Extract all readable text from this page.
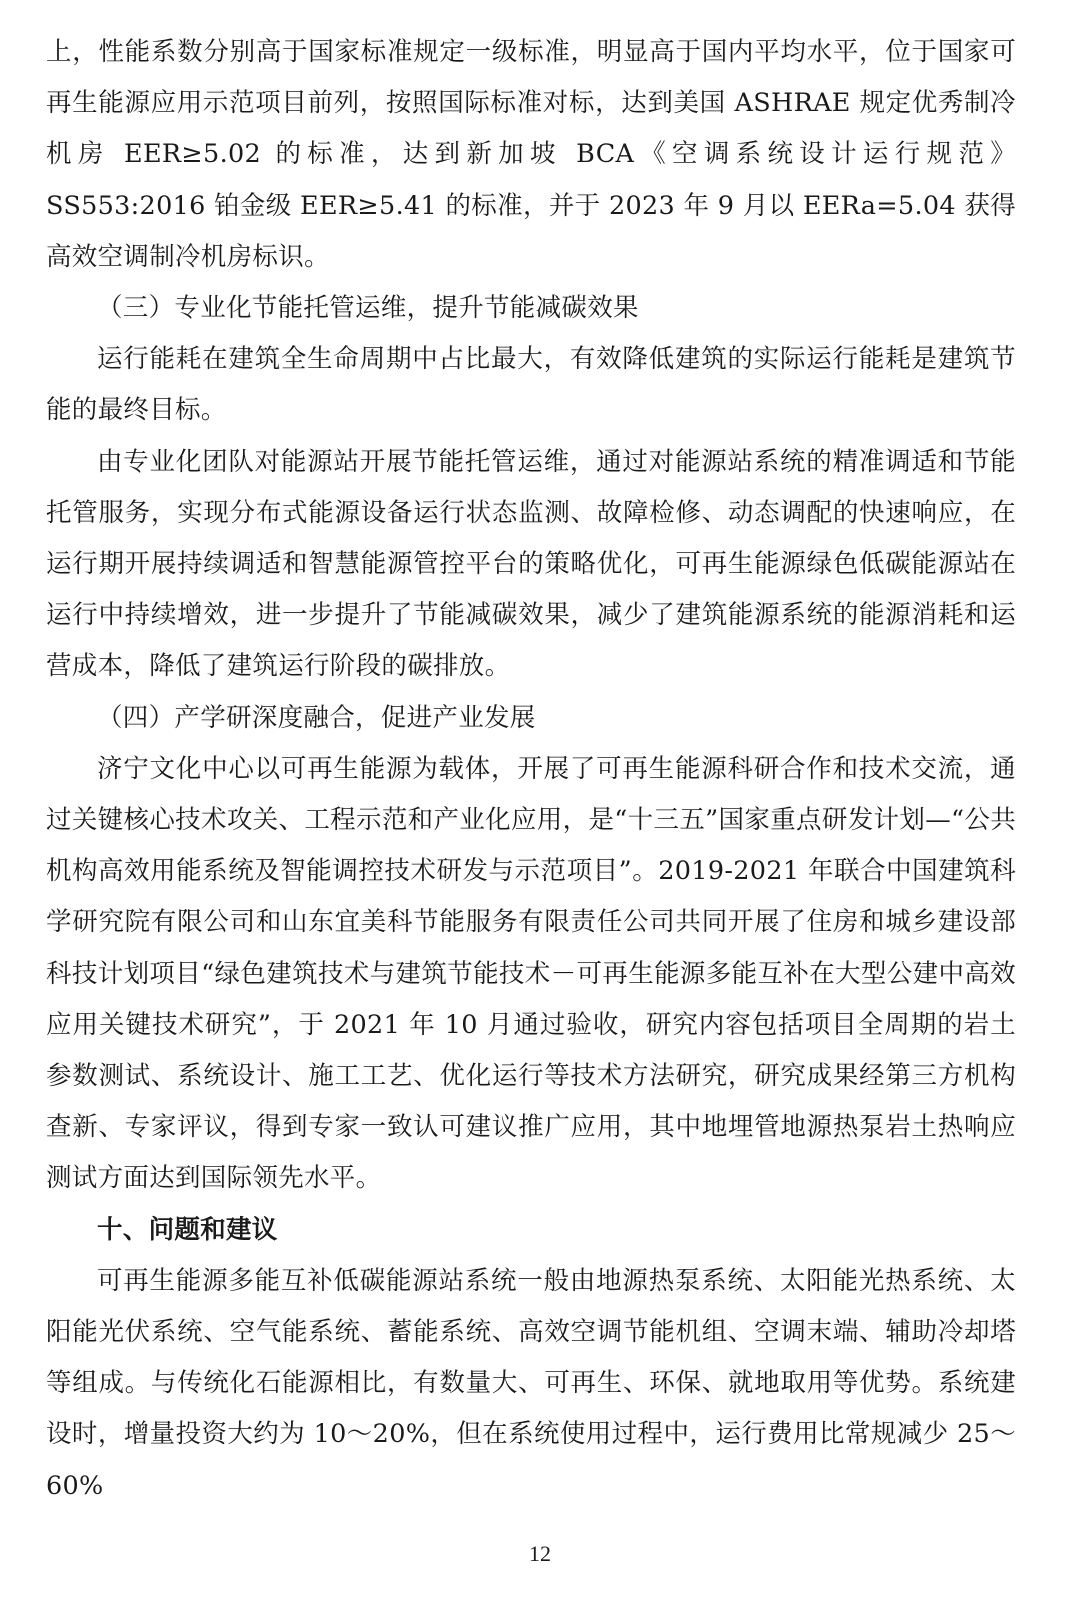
上，性能系数分别高于国家标准规定一级标准，明显高于国内平均水平，位于国家可再生能源应用示范项目前列，按照国际标准对标，达到美国 ASHRAE 规定优秀制冷机房 EER≥5.02 的标准，达到新加坡 BCA《空调系统设计运行规范》SS553:2016 铂金级 EER≥5.41 的标准，并于 2023 年 9 月以 EERa=5.04 获得高效空调制冷机房标识。

（三）专业化节能托管运维，提升节能减碳效果

运行能耗在建筑全生命周期中占比最大，有效降低建筑的实际运行能耗是建筑节能的最终目标。

由专业化团队对能源站开展节能托管运维，通过对能源站系统的精准调适和节能托管服务，实现分布式能源设备运行状态监测、故障检修、动态调配的快速响应，在运行期开展持续调适和智慧能源管控平台的策略优化，可再生能源绿色低碳能源站在运行中持续增效，进一步提升了节能减碳效果，减少了建筑能源系统的能源消耗和运营成本，降低了建筑运行阶段的碳排放。

（四）产学研深度融合，促进产业发展

济宁文化中心以可再生能源为载体，开展了可再生能源科研合作和技术交流，通过关键核心技术攻关、工程示范和产业化应用，是“十三五”国家重点研发计划—“公共机构高效用能系统及智能调控技术研发与示范项目”。2019-2021 年联合中国建筑科学研究院有限公司和山东宜美科节能服务有限责任公司共同开展了住房和城乡建设部科技计划项目“绿色建筑技术与建筑节能技术－可再生能源多能互补在大型公建中高效应用关键技术研究”，于 2021 年 10 月通过验收，研究内容包括项目全周期的岩土参数测试、系统设计、施工工艺、优化运行等技术方法研究，研究成果经第三方机构查新、专家评议，得到专家一致认可建议推广应用，其中地埋管地源热泵岩土热响应测试方面达到国际领先水平。

十、问题和建议

可再生能源多能互补低碳能源站系统一般由地源热泵系统、太阳能光热系统、太阳能光伏系统、空气能系统、蓄能系统、高效空调节能机组、空调末端、辅助冷却塔等组成。与传统化石能源相比，有数量大、可再生、环保、就地取用等优势。系统建设时，增量投资大约为 10～20%，但在系统使用过程中，运行费用比常规减少 25～60%

12
